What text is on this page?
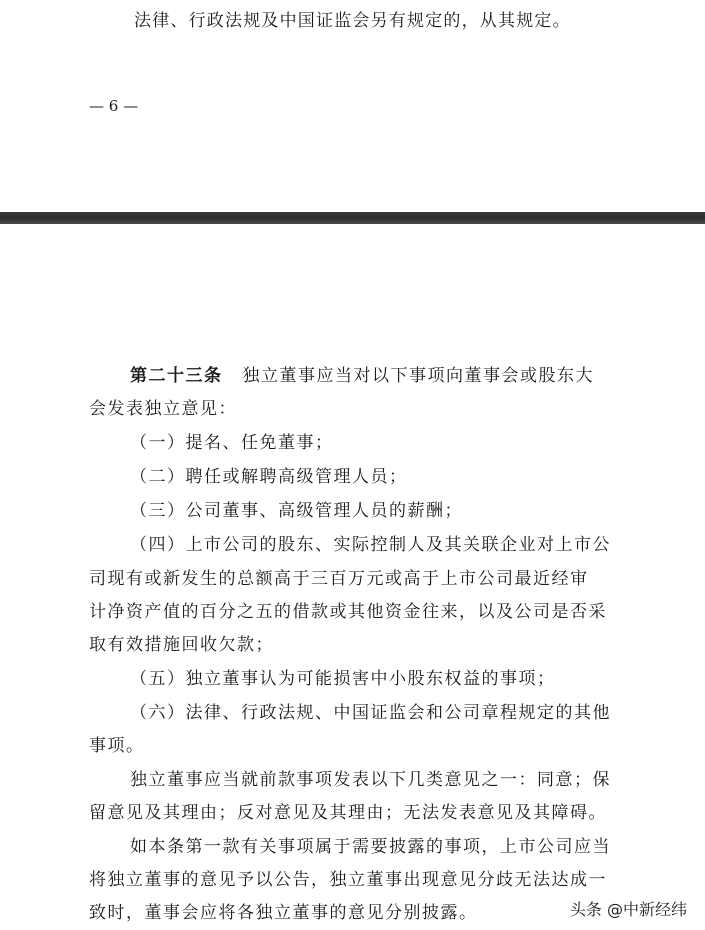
法律、行政法规及中国证监会另有规定的，从其规定。
— 6 —
第二十三条 独立董事应当对以下事项向董事会或股东大
会发表独立意见：
（一）提名、任免董事；
（二）聘任或解聘高级管理人员；
（三）公司董事、高级管理人员的薪酬；
（四）上市公司的股东、实际控制人及其关联企业对上市公
司现有或新发生的总额高于三百万元或高于上市公司最近经审
计净资产值的百分之五的借款或其他资金往来，以及公司是否采
取有效措施回收欠款；
（五）独立董事认为可能损害中小股东权益的事项；
（六）法律、行政法规、中国证监会和公司章程规定的其他
事项。
独立董事应当就前款事项发表以下几类意见之一：同意；保
留意见及其理由；反对意见及其理由；无法发表意见及其障碍。
如本条第一款有关事项属于需要披露的事项，上市公司应当
将独立董事的意见予以公告，独立董事出现意见分歧无法达成一
致时，董事会应将各独立董事的意见分别披露。	头条 @中新经纬
